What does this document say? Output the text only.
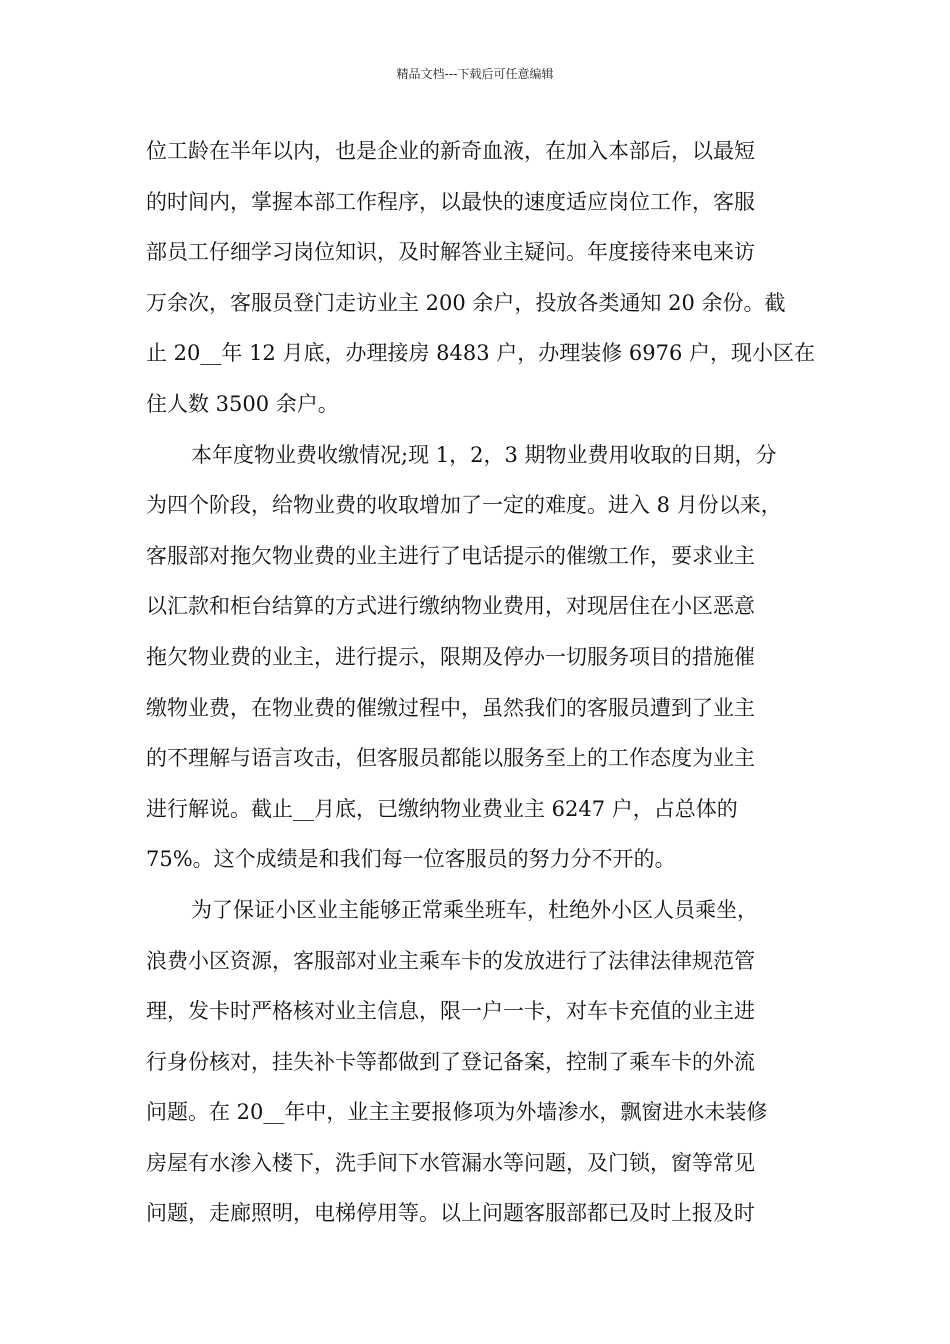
精品文档---下载后可任意编辑
位工龄在半年以内，也是企业的新奇血液，在加入本部后，以最短
的时间内，掌握本部工作程序，以最快的速度适应岗位工作，客服
部员工仔细学习岗位知识，及时解答业主疑问。年度接待来电来访
万余次，客服员登门走访业主 200 余户，投放各类通知 20 余份。截
止 20__年 12 月底，办理接房 8483 户，办理装修 6976 户，现小区在
住人数 3500 余户。
本年度物业费收缴情况;现 1，2，3 期物业费用收取的日期，分
为四个阶段，给物业费的收取增加了一定的难度。进入 8 月份以来，
客服部对拖欠物业费的业主进行了电话提示的催缴工作，要求业主
以汇款和柜台结算的方式进行缴纳物业费用，对现居住在小区恶意
拖欠物业费的业主，进行提示，限期及停办一切服务项目的措施催
缴物业费，在物业费的催缴过程中，虽然我们的客服员遭到了业主
的不理解与语言攻击，但客服员都能以服务至上的工作态度为业主
进行解说。截止__月底，已缴纳物业费业主 6247 户，占总体的
75%。这个成绩是和我们每一位客服员的努力分不开的。
为了保证小区业主能够正常乘坐班车，杜绝外小区人员乘坐，
浪费小区资源，客服部对业主乘车卡的发放进行了法律法律规范管
理，发卡时严格核对业主信息，限一户一卡，对车卡充值的业主进
行身份核对，挂失补卡等都做到了登记备案，控制了乘车卡的外流
问题。在 20__年中，业主主要报修项为外墙渗水，飘窗进水未装修
房屋有水渗入楼下，洗手间下水管漏水等问题，及门锁，窗等常见
问题，走廊照明，电梯停用等。以上问题客服部都已及时上报及时
